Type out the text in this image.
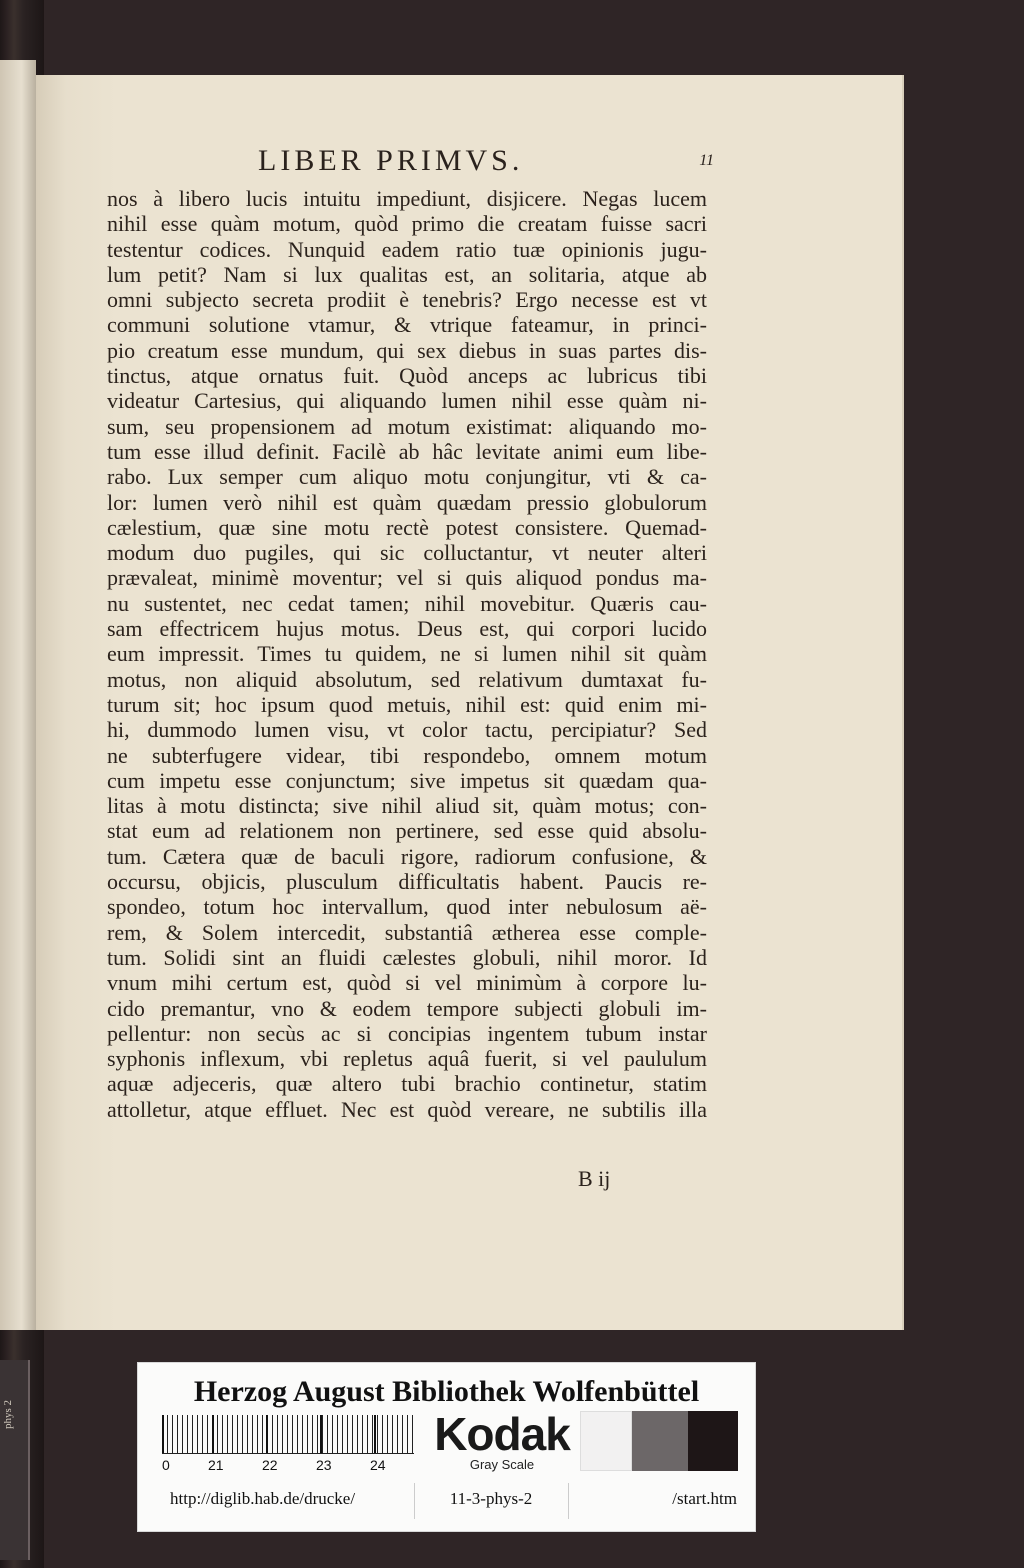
phys 2
LIBER PRIMVS.	11
nos à libero lucis intuitu impediunt, disjicere. Negas lucem
nihil esse quàm motum, quòd primo die creatam fuisse sacri
testentur codices. Nunquid eadem ratio tuæ opinionis jugu-
lum petit? Nam si lux qualitas est, an solitaria, atque ab
omni subjecto secreta prodiit è tenebris? Ergo necesse est vt
communi solutione vtamur, & vtrique fateamur, in princi-
pio creatum esse mundum, qui sex diebus in suas partes dis-
tinctus, atque ornatus fuit. Quòd anceps ac lubricus tibi
videatur Cartesius, qui aliquando lumen nihil esse quàm ni-
sum, seu propensionem ad motum existimat: aliquando mo-
tum esse illud definit. Facilè ab hâc levitate animi eum libe-
rabo. Lux semper cum aliquo motu conjungitur, vti & ca-
lor: lumen verò nihil est quàm quædam pressio globulorum
cælestium, quæ sine motu rectè potest consistere. Quemad-
modum duo pugiles, qui sic colluctantur, vt neuter alteri
prævaleat, minimè moventur; vel si quis aliquod pondus ma-
nu sustentet, nec cedat tamen; nihil movebitur. Quæris cau-
sam effectricem hujus motus. Deus est, qui corpori lucido
eum impressit. Times tu quidem, ne si lumen nihil sit quàm
motus, non aliquid absolutum, sed relativum dumtaxat fu-
turum sit; hoc ipsum quod metuis, nihil est: quid enim mi-
hi, dummodo lumen visu, vt color tactu, percipiatur? Sed
ne subterfugere videar, tibi respondebo, omnem motum
cum impetu esse conjunctum; sive impetus sit quædam qua-
litas à motu distincta; sive nihil aliud sit, quàm motus; con-
stat eum ad relationem non pertinere, sed esse quid absolu-
tum. Cætera quæ de baculi rigore, radiorum confusione, &
occursu, objicis, plusculum difficultatis habent. Paucis re-
spondeo, totum hoc intervallum, quod inter nebulosum aë-
rem, & Solem intercedit, substantiâ ætherea esse comple-
tum. Solidi sint an fluidi cælestes globuli, nihil moror. Id
vnum mihi certum est, quòd si vel minimùm à corpore lu-
cido premantur, vno & eodem tempore subjecti globuli im-
pellentur: non secùs ac si concipias ingentem tubum instar
syphonis inflexum, vbi repletus aquâ fuerit, si vel paululum
aquæ adjeceris, quæ altero tubi brachio continetur, statim
attolletur, atque effluet. Nec est quòd vereare, ne subtilis illa
B ij
Herzog August Bibliothek Wolfenbüttel
0	21	22	23	24
Kodak
Gray Scale
http://diglib.hab.de/drucke/	11-3-phys-2	/start.htm
